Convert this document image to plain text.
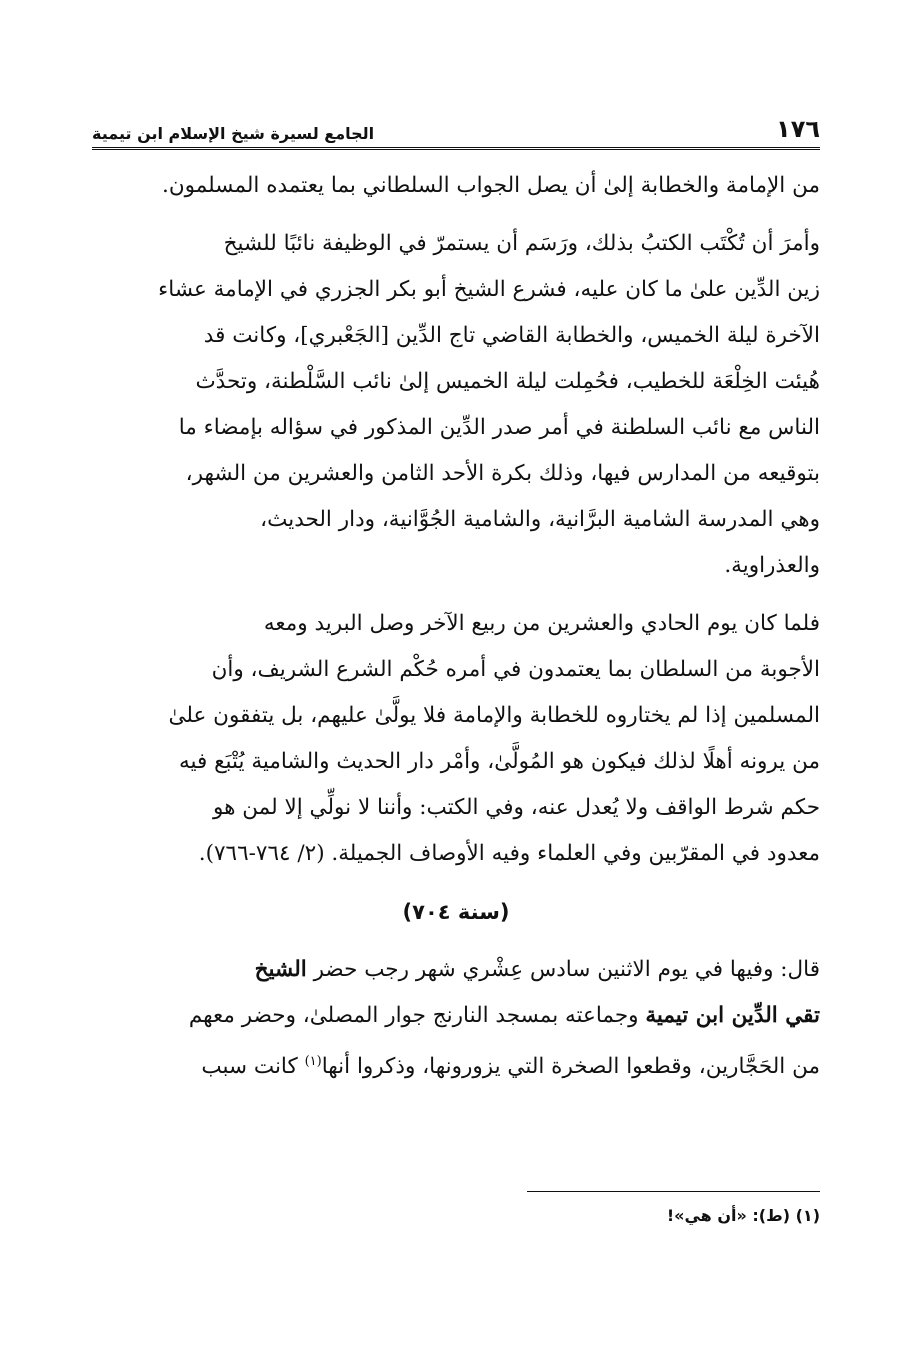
١٧٦
الجامع لسيرة شيخ الإسلام ابن تيمية
من الإمامة والخطابة إلىٰ أن يصل الجواب السلطاني بما يعتمده المسلمون.
وأمرَ أن تُكْتَب الكتبُ بذلك، ورَسَم أن يستمرّ في الوظيفة نائبًا للشيخ
زين الدِّين علىٰ ما كان عليه، فشرع الشيخ أبو بكر الجزري في الإمامة عشاء
الآخرة ليلة الخميس، والخطابة القاضي تاج الدِّين [الجَعْبري]، وكانت قد
هُيئت الخِلْعَة للخطيب، فحُمِلت ليلة الخميس إلىٰ نائب السَّلْطنة، وتحدَّث
الناس مع نائب السلطنة في أمر صدر الدِّين المذكور في سؤاله بإمضاء ما
بتوقيعه من المدارس فيها، وذلك بكرة الأحد الثامن والعشرين من الشهر،
وهي المدرسة الشامية البرَّانية، والشامية الجُوَّانية، ودار الحديث،
والعذراوية.
فلما كان يوم الحادي والعشرين من ربيع الآخر وصل البريد ومعه
الأجوبة من السلطان بما يعتمدون في أمره حُكْم الشرع الشريف، وأن
المسلمين إذا لم يختاروه للخطابة والإمامة فلا يولَّىٰ عليهم، بل يتفقون علىٰ
من يرونه أهلًا لذلك فيكون هو المُولَّىٰ، وأمْر دار الحديث والشامية يُتْبَع فيه
حكم شرط الواقف ولا يُعدل عنه، وفي الكتب: وأننا لا نولِّي إلا لمن هو
معدود في المقرّبين وفي العلماء وفيه الأوصاف الجميلة. (٢/ ٧٦٤-٧٦٦).
(سنة ٧٠٤)
قال: وفيها في يوم الاثنين سادس عِشْري شهر رجب حضر الشيخ
تقي الدِّين ابن تيمية وجماعته بمسجد النارنج جوار المصلىٰ، وحضر معهم
من الحَجَّارين، وقطعوا الصخرة التي يزورونها، وذكروا أنها$^{(١)}$ كانت سبب
(١) (ط): «أن هي»!
